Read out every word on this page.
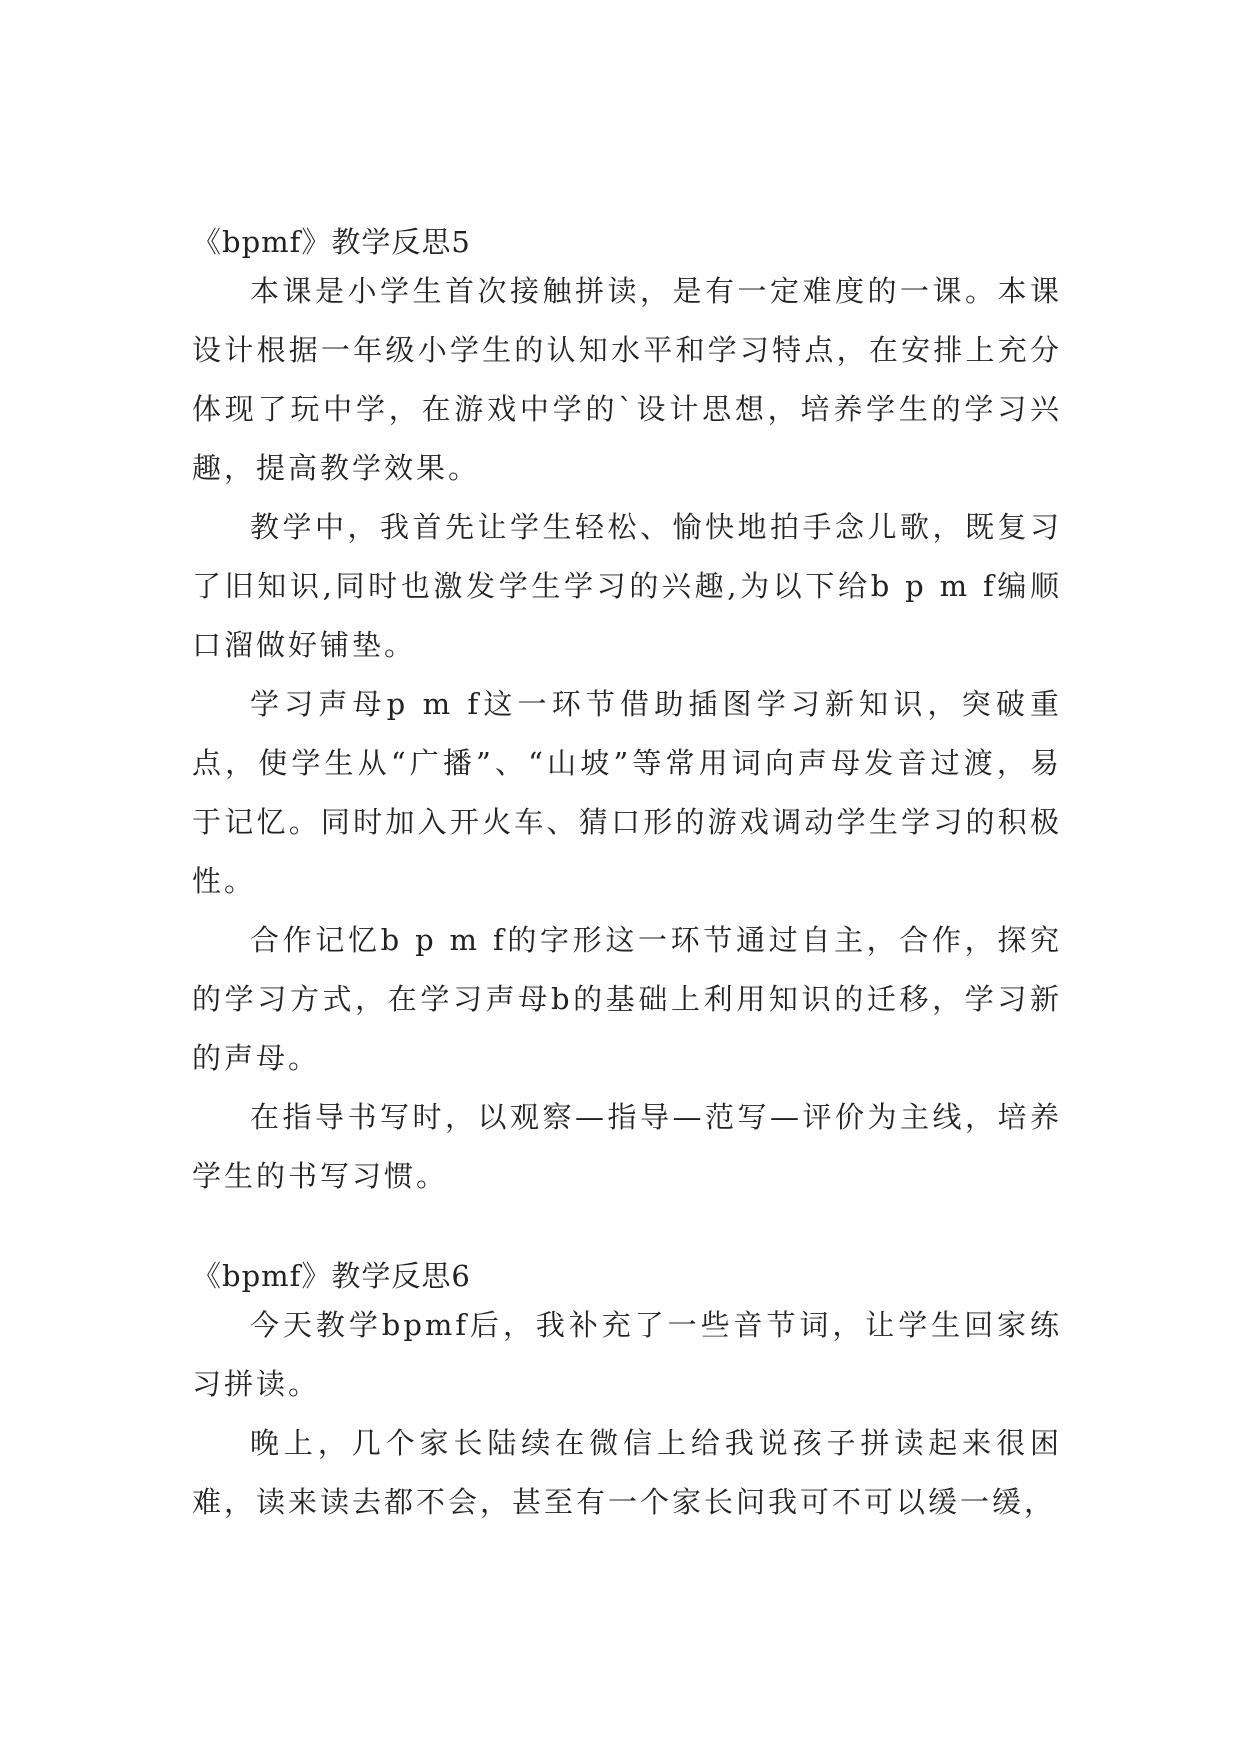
《bpmf》教学反思5

本课是小学生首次接触拼读，是有一定难度的一课。本课设计根据一年级小学生的认知水平和学习特点，在安排上充分体现了玩中学，在游戏中学的`设计思想，培养学生的学习兴趣，提高教学效果。

教学中，我首先让学生轻松、愉快地拍手念儿歌，既复习了旧知识,同时也激发学生学习的兴趣,为以下给b p m f编顺口溜做好铺垫。

学习声母p m f这一环节借助插图学习新知识，突破重点，使学生从“广播”、“山坡”等常用词向声母发音过渡，易于记忆。同时加入开火车、猜口形的游戏调动学生学习的积极性。

合作记忆b p m f的字形这一环节通过自主，合作，探究的学习方式，在学习声母b的基础上利用知识的迁移，学习新的声母。

在指导书写时，以观察—指导—范写—评价为主线，培养学生的书写习惯。

《bpmf》教学反思6

今天教学bpmf后，我补充了一些音节词，让学生回家练习拼读。

晚上，几个家长陆续在微信上给我说孩子拼读起来很困难，读来读去都不会，甚至有一个家长问我可不可以缓一缓，
